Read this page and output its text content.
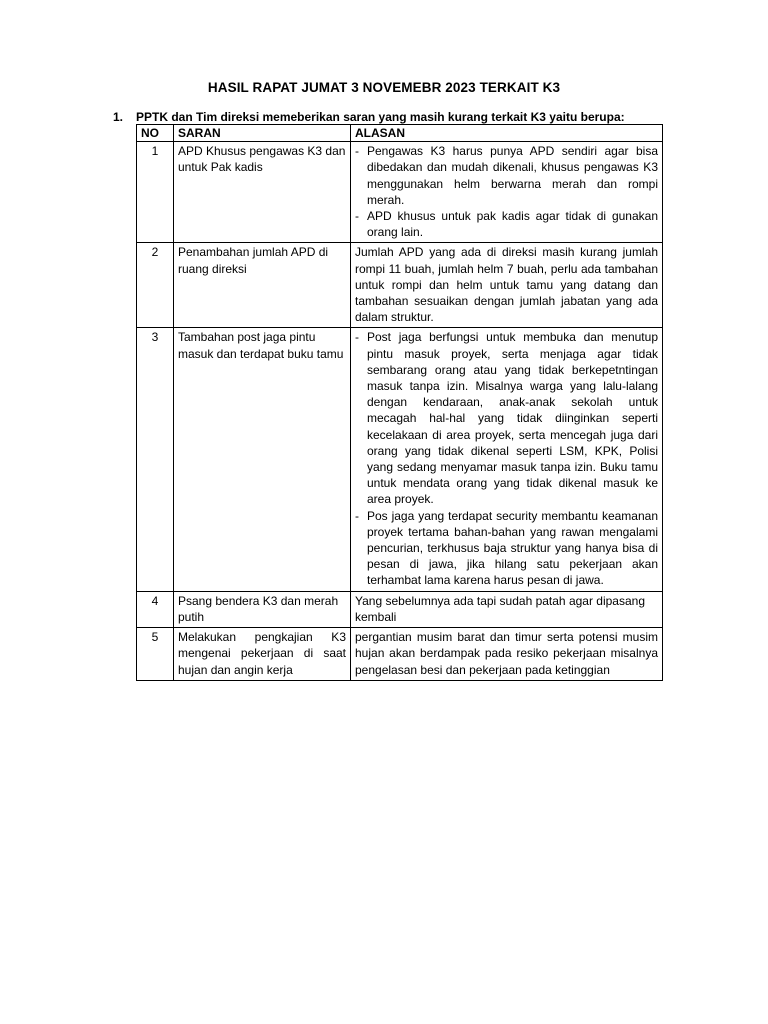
HASIL RAPAT JUMAT 3 NOVEMEBR 2023 TERKAIT K3
1. PPTK dan Tim direksi memeberikan saran yang masih kurang terkait K3 yaitu berupa:
NO	SARAN	ALASAN
1	APD Khusus pengawas K3 dan untuk Pak kadis	- Pengawas K3 harus punya APD sendiri agar bisa dibedakan dan mudah dikenali, khusus pengawas K3 menggunakan helm berwarna merah dan rompi merah.
- APD khusus untuk pak kadis agar tidak di gunakan orang lain.

2	Penambahan jumlah APD di ruang direksi	Jumlah APD yang ada di direksi masih kurang jumlah rompi 11 buah, jumlah helm 7 buah, perlu ada tambahan untuk rompi dan helm untuk tamu yang datang dan tambahan sesuaikan dengan jumlah jabatan yang ada dalam struktur.
3	Tambahan post jaga pintu masuk dan terdapat buku tamu	- Post jaga berfungsi untuk membuka dan menutup pintu masuk proyek, serta menjaga agar tidak sembarang orang atau yang tidak berkepetntingan masuk tanpa izin. Misalnya warga yang lalu-lalang dengan kendaraan, anak-anak sekolah untuk mecagah hal-hal yang tidak diinginkan seperti kecelakaan di area proyek, serta mencegah juga dari orang yang tidak dikenal seperti LSM, KPK, Polisi yang sedang menyamar masuk tanpa izin. Buku tamu untuk mendata orang yang tidak dikenal masuk ke area proyek.
- Pos jaga yang terdapat security membantu keamanan proyek tertama bahan-bahan yang rawan mengalami pencurian, terkhusus baja struktur yang hanya bisa di pesan di jawa, jika hilang satu pekerjaan akan terhambat lama karena harus pesan di jawa.

4	Psang bendera K3 dan merah putih	Yang sebelumnya ada tapi sudah patah agar dipasang kembali
5	Melakukan pengkajian K3 mengenai pekerjaan di saat hujan dan angin kerja	pergantian musim barat dan timur serta potensi musim hujan akan berdampak pada resiko pekerjaan misalnya pengelasan besi dan pekerjaan pada ketinggian
